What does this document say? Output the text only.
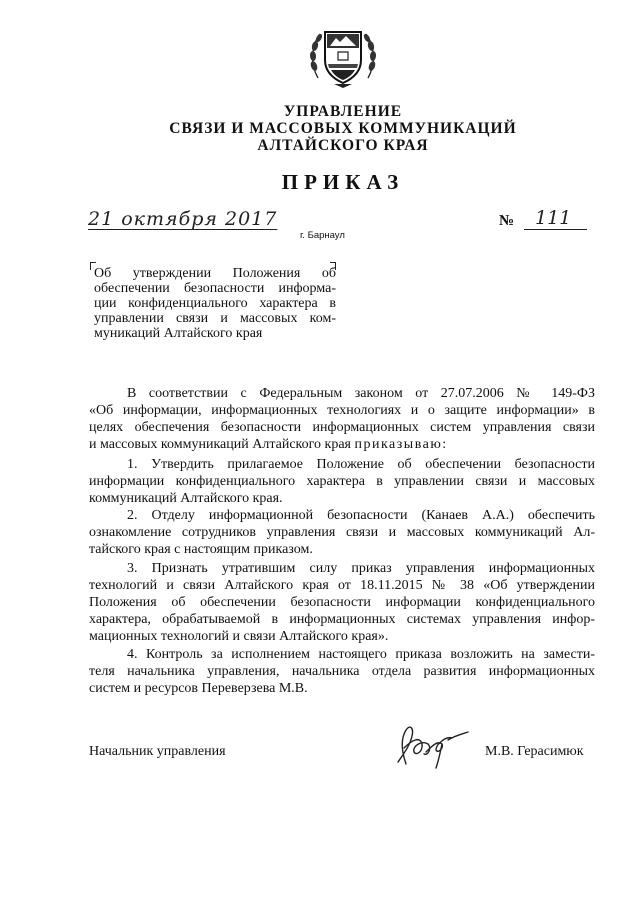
УПРАВЛЕНИЕ
СВЯЗИ И МАССОВЫХ КОММУНИКАЦИЙ
АЛТАЙСКОГО КРАЯ
ПРИКАЗ
21 октября 2017
г. Барнаул
№ 111
Об утверждении Положения об
обеспечении безопасности информа-
ции конфиденциального характера в
управлении связи и массовых ком-
муникаций Алтайского края
В соответствии с Федеральным законом от 27.07.2006 № 149-ФЗ
«Об информации, информационных технологиях и о защите информации» в
целях обеспечения безопасности информационных систем управления связи
и массовых коммуникаций Алтайского края приказываю:
1. Утвердить прилагаемое Положение об обеспечении безопасности
информации конфиденциального характера в управлении связи и массовых
коммуникаций Алтайского края.
2. Отделу информационной безопасности (Канаев А.А.) обеспечить
ознакомление сотрудников управления связи и массовых коммуникаций Ал-
тайского края с настоящим приказом.
3. Признать утратившим силу приказ управления информационных
технологий и связи Алтайского края от 18.11.2015 № 38 «Об утверждении
Положения об обеспечении безопасности информации конфиденциального
характера, обрабатываемой в информационных системах управления инфор-
мационных технологий и связи Алтайского края».
4. Контроль за исполнением настоящего приказа возложить на замести-
теля начальника управления, начальника отдела развития информационных
систем и ресурсов Переверзева М.В.
Начальник управления	М.В. Герасимюк
